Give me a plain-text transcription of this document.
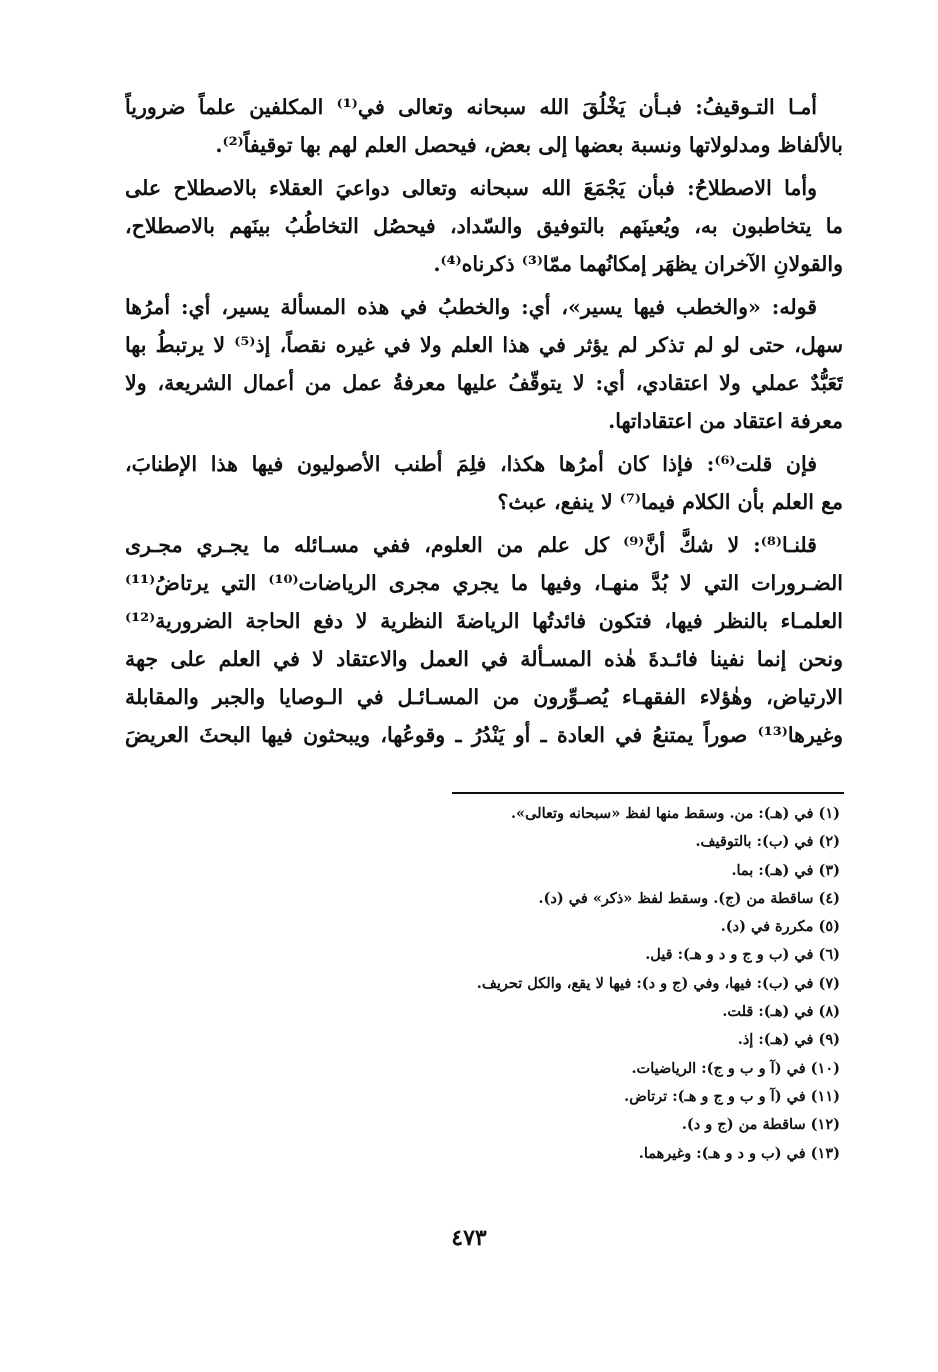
أمـا التـوقيفُ: فبـأن يَخْلُقَ الله سبحانه وتعالى في⁽¹⁾ المكلفين علماً ضرورياً
بالألفاظ ومدلولاتها ونسبة بعضها إلى بعض، فيحصل العلم لهم بها توقيفاً⁽²⁾.
وأما الاصطلاحُ: فبأن يَجْمَعَ الله سبحانه وتعالى دواعيَ العقلاء بالاصطلاح على
ما يتخاطبون به، ويُعينَهم بالتوفيق والسّداد، فيحصُل التخاطُبُ بينَهم بالاصطلاح،
والقولانِ الآخران يظهَر إمكانُهما ممّا⁽³⁾ ذكرناه⁽⁴⁾.
قوله: «والخطب فيها يسير»، أي: والخطبُ في هذه المسألة يسير، أي: أمرُها
سهل، حتى لو لم تذكر لم يؤثر في هذا العلم ولا في غيره نقصاً، إذ⁽⁵⁾ لا يرتبطُ بها
تَعَبُّدٌ عملي ولا اعتقادي، أي: لا يتوقّفُ عليها معرفةُ عمل من أعمال الشريعة، ولا
معرفة اعتقاد من اعتقاداتها.
فإن قلت⁽⁶⁾: فإذا كان أمرُها هكذا، فلِمَ أطنب الأصوليون فيها هذا الإطنابَ،
مع العلم بأن الكلام فيما⁽⁷⁾ لا ينفع، عبث؟
قلنـا⁽⁸⁾: لا شكَّ أنَّ⁽⁹⁾ كل علم من العلوم، ففي مسـائله ما يجـري مجـرى
الضـرورات التي لا بُدَّ منهـا، وفيها ما يجري مجرى الرياضات⁽¹⁰⁾ التي يرتاضُ⁽¹¹⁾
العلمـاء بالنظر فيها، فتكون فائدتُها الرياضةَ النظرية لا دفع الحاجة الضرورية⁽¹²⁾
ونحن إنما نفينا فائـدةَ هٰذه المسـألة في العمل والاعتقاد لا في العلم على جهة
الارتياض، وهٰؤلاء الفقهـاء يُصـوِّرون من المسـائـل في الـوصايا والجبر والمقابلة
وغيرها⁽¹³⁾ صوراً يمتنعُ في العادة ـ أو يَنْدُرُ ـ وقوعُها، ويبحثون فيها البحثَ العريضَ
(١) في (هـ): من. وسقط منها لفظ «سبحانه وتعالى».
(٢) في (ب): بالتوقيف.
(٣) في (هـ): بما.
(٤) ساقطة من (ج). وسقط لفظ «ذكر» في (د).
(٥) مكررة في (د).
(٦) في (ب و ج و د و هـ): قيل.
(٧) في (ب): فيها، وفي (ج و د): فيها لا يقع، والكل تحريف.
(٨) في (هـ): قلت.
(٩) في (هـ): إذ.
(١٠) في (آ و ب و ج): الرياضيات.
(١١) في (آ و ب و ج و هـ): ترتاض.
(١٢) ساقطة من (ج و د).
(١٣) في (ب و د و هـ): وغيرهما.
٤٧٣
